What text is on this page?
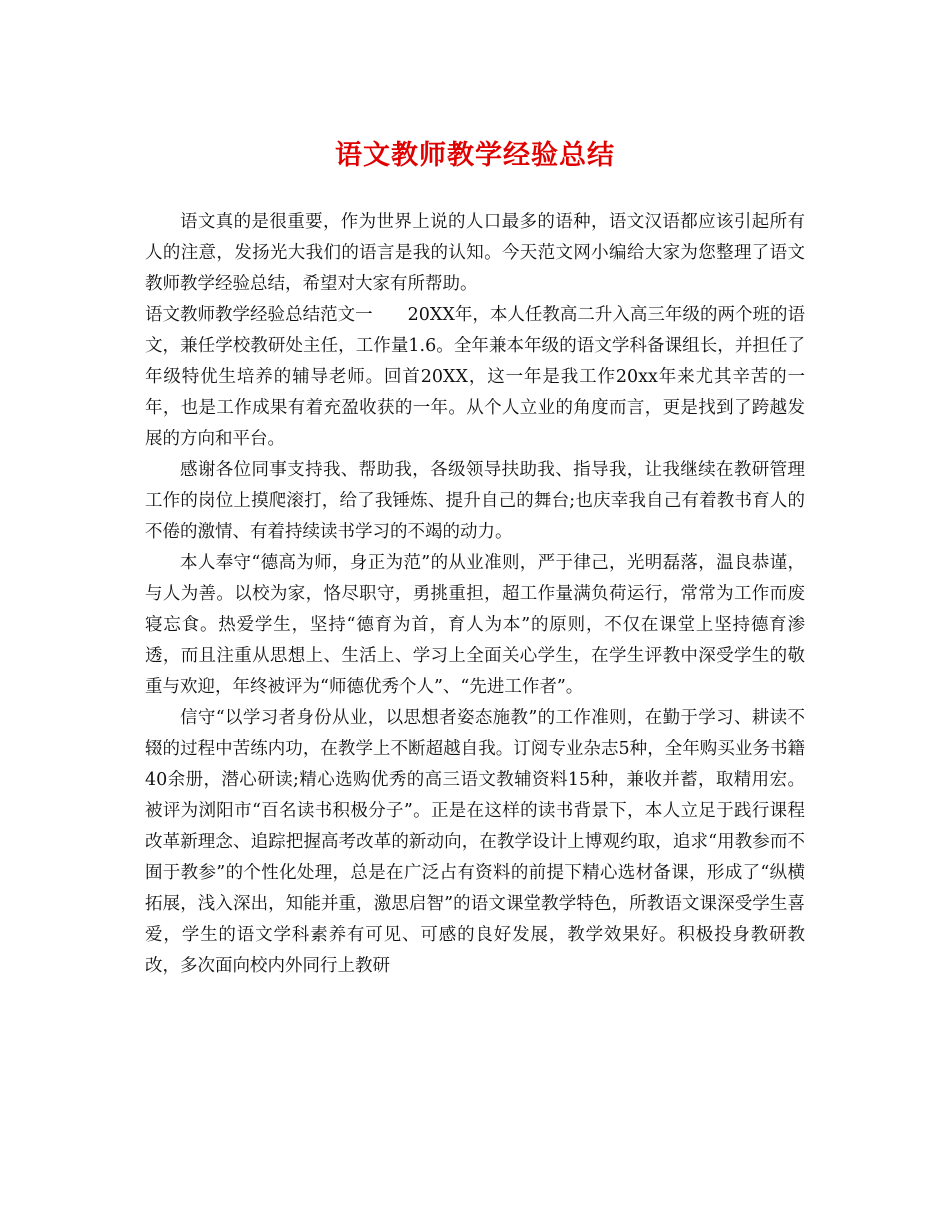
语文教师教学经验总结

语文真的是很重要，作为世界上说的人口最多的语种，语文汉语都应该引起所有人的注意，发扬光大我们的语言是我的认知。今天范文网小编给大家为您整理了语文教师教学经验总结，希望对大家有所帮助。

语文教师教学经验总结范文一　　20XX年，本人任教高二升入高三年级的两个班的语文，兼任学校教研处主任，工作量1.6。全年兼本年级的语文学科备课组长，并担任了年级特优生培养的辅导老师。回首20XX，这一年是我工作20xx年来尤其辛苦的一年，也是工作成果有着充盈收获的一年。从个人立业的角度而言，更是找到了跨越发展的方向和平台。

感谢各位同事支持我、帮助我，各级领导扶助我、指导我，让我继续在教研管理工作的岗位上摸爬滚打，给了我锤炼、提升自己的舞台;也庆幸我自己有着教书育人的不倦的激情、有着持续读书学习的不竭的动力。

本人奉守“德高为师，身正为范”的从业准则，严于律己，光明磊落，温良恭谨，与人为善。以校为家，恪尽职守，勇挑重担，超工作量满负荷运行，常常为工作而废寝忘食。热爱学生，坚持“德育为首，育人为本”的原则，不仅在课堂上坚持德育渗透，而且注重从思想上、生活上、学习上全面关心学生，在学生评教中深受学生的敬重与欢迎，年终被评为“师德优秀个人”、“先进工作者”。

信守“以学习者身份从业，以思想者姿态施教”的工作准则，在勤于学习、耕读不辍的过程中苦练内功，在教学上不断超越自我。订阅专业杂志5种，全年购买业务书籍40余册，潜心研读;精心选购优秀的高三语文教辅资料15种，兼收并蓄，取精用宏。被评为浏阳市“百名读书积极分子”。正是在这样的读书背景下，本人立足于践行课程改革新理念、追踪把握高考改革的新动向，在教学设计上博观约取，追求“用教参而不囿于教参”的个性化处理，总是在广泛占有资料的前提下精心选材备课，形成了“纵横拓展，浅入深出，知能并重，激思启智”的语文课堂教学特色，所教语文课深受学生喜爱，学生的语文学科素养有可见、可感的良好发展，教学效果好。积极投身教研教改，多次面向校内外同行上教研
